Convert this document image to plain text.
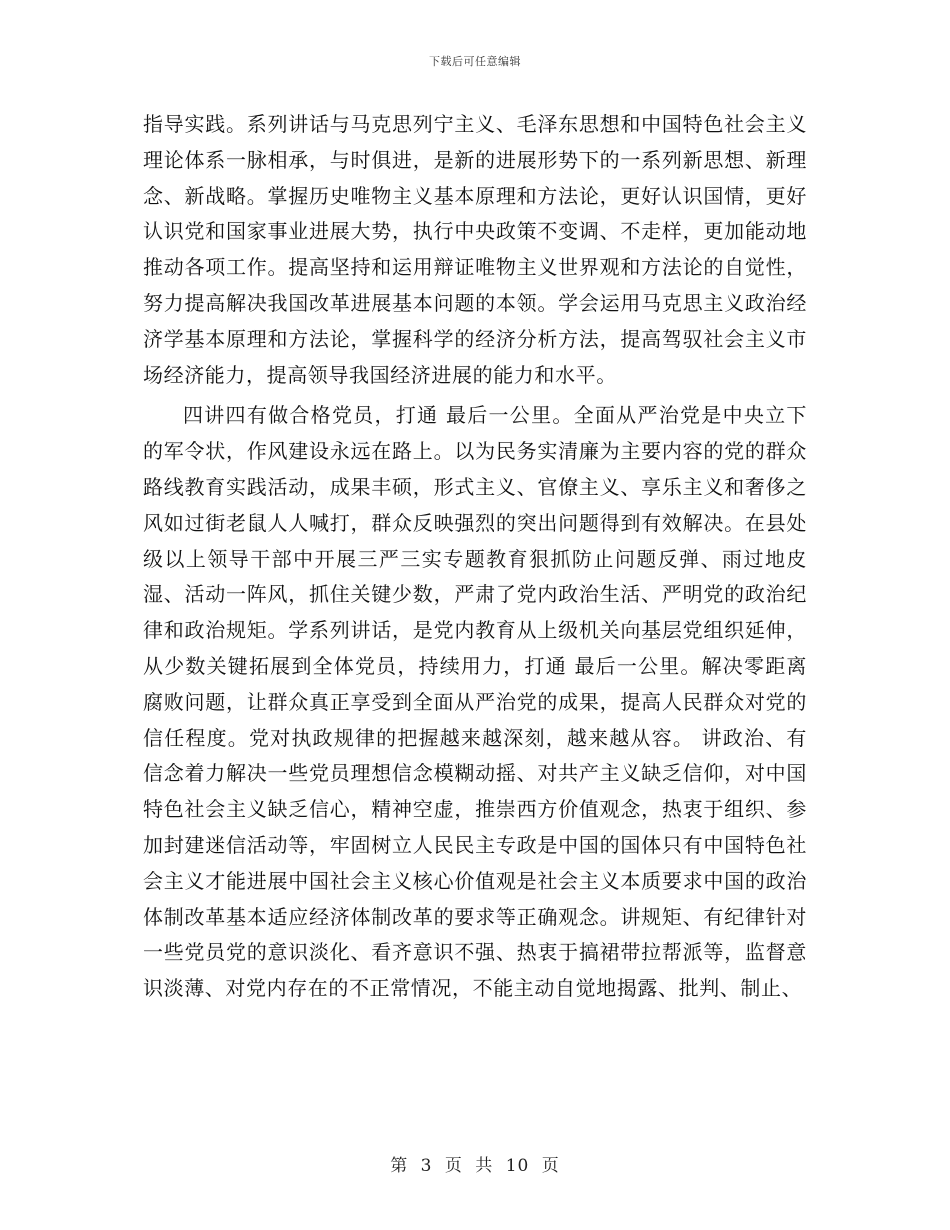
下载后可任意编辑

指导实践。系列讲话与马克思列宁主义、毛泽东思想和中国特色社会主义理论体系一脉相承，与时俱进，是新的进展形势下的一系列新思想、新理念、新战略。掌握历史唯物主义基本原理和方法论，更好认识国情，更好认识党和国家事业进展大势，执行中央政策不变调、不走样，更加能动地推动各项工作。提高坚持和运用辩证唯物主义世界观和方法论的自觉性，努力提高解决我国改革进展基本问题的本领。学会运用马克思主义政治经济学基本原理和方法论，掌握科学的经济分析方法，提高驾驭社会主义市场经济能力，提高领导我国经济进展的能力和水平。

四讲四有做合格党员，打通 最后一公里。全面从严治党是中央立下的军令状，作风建设永远在路上。以为民务实清廉为主要内容的党的群众路线教育实践活动，成果丰硕，形式主义、官僚主义、享乐主义和奢侈之风如过街老鼠人人喊打，群众反映强烈的突出问题得到有效解决。在县处级以上领导干部中开展三严三实专题教育狠抓防止问题反弹、雨过地皮湿、活动一阵风，抓住关键少数，严肃了党内政治生活、严明党的政治纪律和政治规矩。学系列讲话，是党内教育从上级机关向基层党组织延伸，从少数关键拓展到全体党员，持续用力，打通 最后一公里。解决零距离腐败问题，让群众真正享受到全面从严治党的成果，提高人民群众对党的信任程度。党对执政规律的把握越来越深刻，越来越从容。 讲政治、有信念着力解决一些党员理想信念模糊动摇、对共产主义缺乏信仰，对中国特色社会主义缺乏信心，精神空虚，推崇西方价值观念，热衷于组织、参加封建迷信活动等，牢固树立人民民主专政是中国的国体只有中国特色社会主义才能进展中国社会主义核心价值观是社会主义本质要求中国的政治体制改革基本适应经济体制改革的要求等正确观念。讲规矩、有纪律针对一些党员党的意识淡化、看齐意识不强、热衷于搞裙带拉帮派等，监督意识淡薄、对党内存在的不正常情况，不能主动自觉地揭露、批判、制止、

第 3 页 共 10 页
